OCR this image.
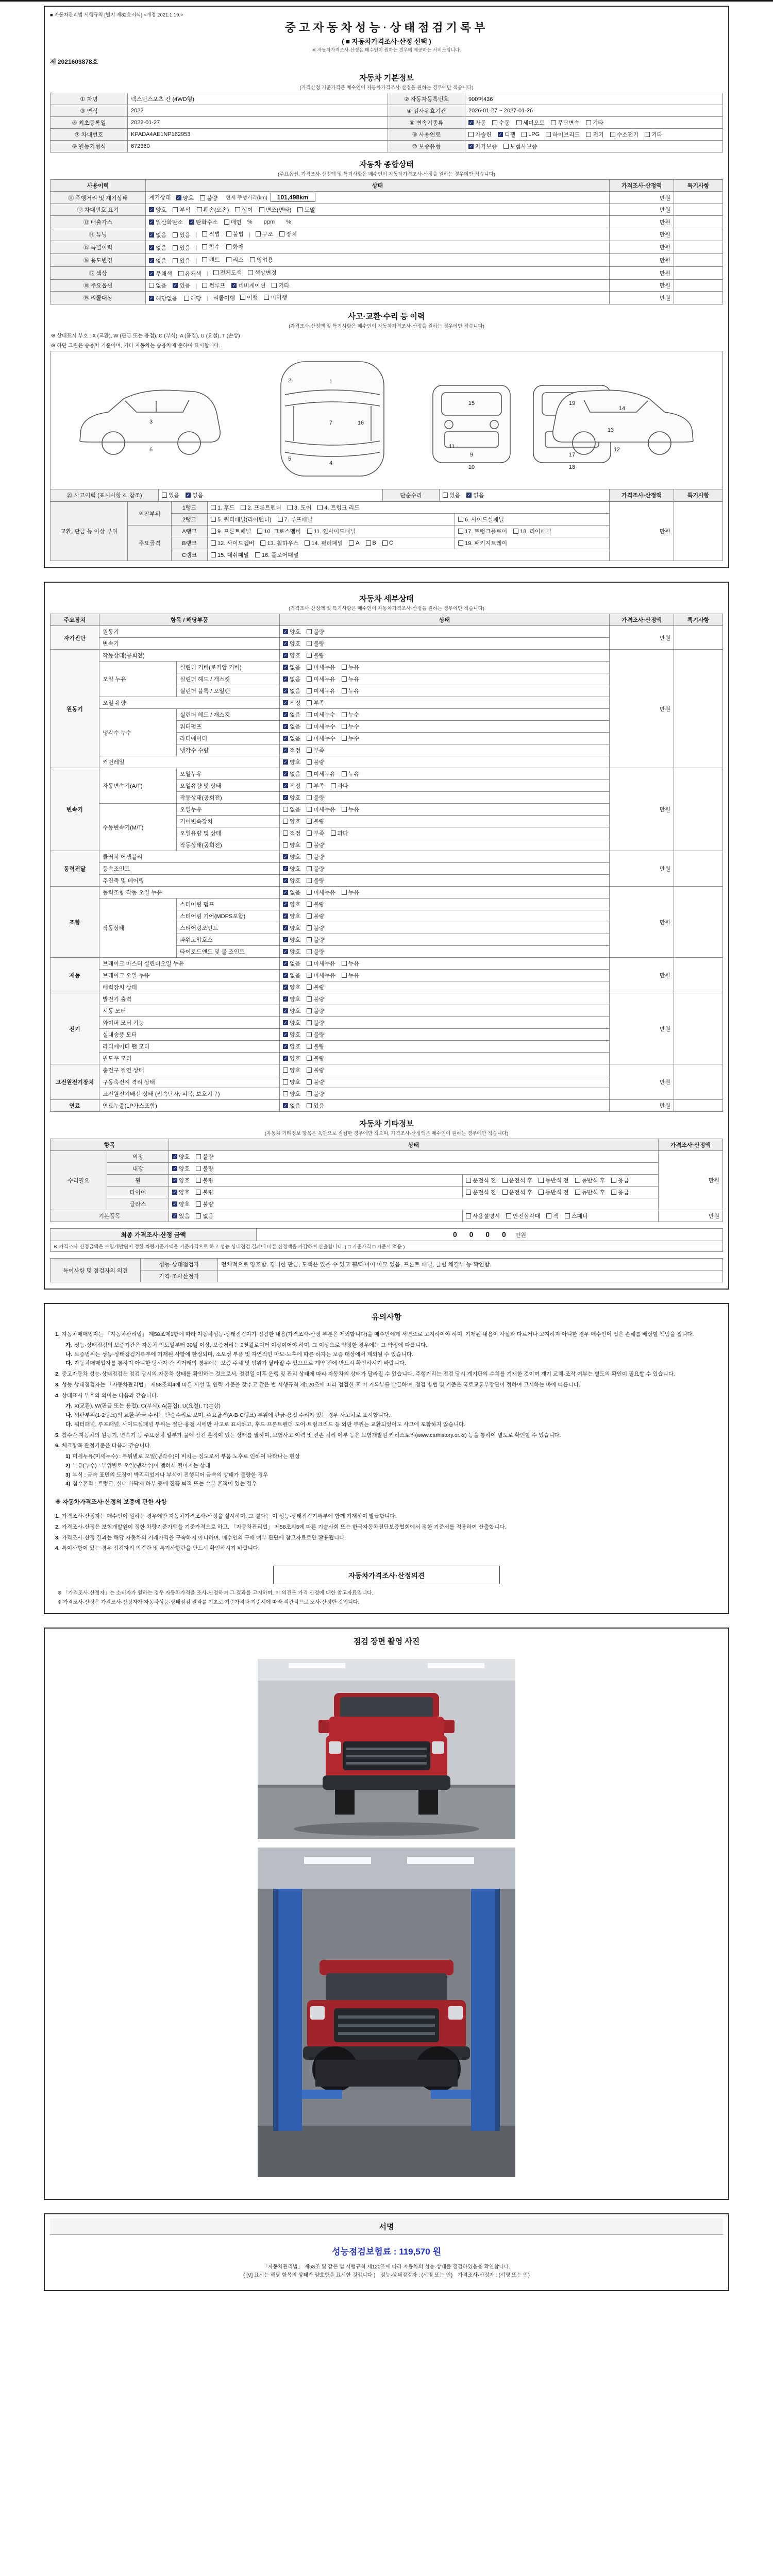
■ 자동차관리법 시행규칙 [별지 제82호서식] <개정 2021.1.19.>
중고자동차성능·상태점검기록부
( ■ 자동차가격조사·산정 선택 )
※ 자동차가격조사·산정은 매수인이 원하는 경우에 제공하는 서비스입니다.
제 2021603878호
자동차 기본정보
(가격산정 기준가격은 매수인이 자동차가격조사·산정을 원하는 경우에만 적습니다)
① 차명	렉스턴스포츠 칸 (4WD형)	② 자동차등록번호	900머436
③ 연식	2022	④ 검사유효기간	2026-01-27 ~ 2027-01-26
⑤ 최초등록일	2022-01-27	⑥ 변속기종류	✓ 자동 수동 세미오토 무단변속 기타

⑦ 차대번호	KPADA4AE1NP162953	⑧ 사용연료	가솔린 ✓ 디젤 LPG 하이브리드 전기 수소전기 기타

⑨ 원동기형식	672360	⑩ 보증유형	✓ 자가보증 보험사보증
자동차 종합상태
(주요옵션, 가격조사·산정액 및 특기사항은 매수인이 자동차가격조사·산정을 원하는 경우에만 적습니다)
사용이력	상태	가격조사·산정액	특기사항
⑪ 주행거리 및 계기상태	계기상태 ✓ 양호 불량 현재 주행거리(km) 101,498km	만원	
⑫ 차대번호 표기	✓ 양호 부식 훼손(오손) 상이 변조(변타) 도말	만원	
⑬ 배출가스	✓ 일산화탄소 ✓ 탄화수소 매연 　%　　ppm　　%	만원	
⑭ 튜닝	✓ 없음 있음 | 적법 불법 | 구조 장치	만원	
⑮ 특별이력	✓ 없음 있음 | 침수 화재	만원	
⑯ 용도변경	✓ 없음 있음 | 렌트 리스 영업용	만원	
⑰ 색상	✓ 무채색 유채색 | 전체도색 색상변경	만원	
⑱ 주요옵션	없음 ✓ 있음 | 썬루프 ✓ 네비게이션 기타	만원	
⑲ 리콜대상	✓ 해당없음 해당 | 리콜이행 이행 미이행	만원	
사고·교환·수리 등 이력
(가격조사·산정액 및 특기사항은 매수인이 자동차가격조사·산정을 원하는 경우에만 적습니다)
※ 상태표시 부호 : X (교환), W (판금 또는 용접), C (부식), A (흠집), U (요철), T (손상)
※ 하단 그림은 승용차 기준이며, 기타 자동차는 승용차에 준하여 표시합니다.
1
2
3
4
5
6
7
9
10
11	12
13
14
15
16
17
18
19
⑳ 사고이력 (표시사항 4. 참조)	있음 ✓ 없음	단순수리	있음 ✓ 없음	가격조사·산정액	특기사항
교환, 판금 등 이상 부위	외판부위	1랭크	1. 후드 2. 프론트펜더 3. 도어 4. 트렁크 리드		만원	
		2랭크	5. 쿼터패널(리어펜더) 7. 루프패널	6. 사이드실패널		

	주요골격	A랭크	9. 프론트패널 10. 크로스멤버 11. 인사이드패널	17. 트렁크플로어 18. 리어패널		

B랭크	12. 사이드멤버 13. 휠하우스 14. 필러패널 A B C	19. 패키지트레이

		C랭크	15. 대쉬패널 16. 플로어패널			
자동차 세부상태
(가격조사·산정액 및 특기사항은 매수인이 자동차가격조사·산정을 원하는 경우에만 적습니다)
주요장치	항목 / 해당부품		상태	가격조사·산정액	특기사항
자기진단	원동기		✓ 양호 불량	만원	
	변속기		✓ 양호 불량		

원동기	작동상태(공회전)		✓ 양호 불량	만원	
	오일 누유	실린더 커버(로커암 커버)	✓ 없음 미세누유 누유		

		실린더 헤드 / 개스킷	✓ 없음 미세누유 누유		

		실린더 블록 / 오일팬	✓ 없음 미세누유 누유		

	오일 유량		✓ 적정 부족		

	냉각수 누수	실린더 헤드 / 개스킷	✓ 없음 미세누수 누수		

		워터펌프	✓ 없음 미세누수 누수		

		라디에이터	✓ 없음 미세누수 누수		

		냉각수 수량	✓ 적정 부족		

	커먼레일		✓ 양호 불량		

변속기	자동변속기(A/T)	오일누유	✓ 없음 미세누유 누유	만원	
		오일유량 및 상태	✓ 적정 부족 과다		

		작동상태(공회전)	✓ 양호 불량		

	수동변속기(M/T)	오일누유	없음 미세누유 누유		

		기어변속장치	양호 불량		

		오일유량 및 상태	적정 부족 과다		

		작동상태(공회전)	양호 불량		

동력전달	클러치 어셈블리		✓ 양호 불량	만원	
	등속조인트		✓ 양호 불량		

	추진축 및 베어링		✓ 양호 불량		

조향	동력조향 작동 오일 누유		✓ 없음 미세누유 누유	만원	
	작동상태	스티어링 펌프	✓ 양호 불량		

		스티어링 기어(MDPS포함)	✓ 양호 불량		

		스티어링조인트	✓ 양호 불량		

		파워고압호스	✓ 양호 불량		

		타이로드엔드 및 볼 조인트	✓ 양호 불량		

제동	브레이크 마스터 실린더오일 누유		✓ 없음 미세누유 누유	만원	
	브레이크 오일 누유		✓ 없음 미세누유 누유		

	배력장치 상태		✓ 양호 불량		

전기	발전기 출력		✓ 양호 불량	만원	
	시동 모터		✓ 양호 불량		

	와이퍼 모터 기능		✓ 양호 불량		

	실내송풍 모터		✓ 양호 불량		

	라디에이터 팬 모터		✓ 양호 불량		

	윈도우 모터		✓ 양호 불량		

고전원전기장치	충전구 절연 상태		양호 불량	만원	
	구동축전지 격리 상태		양호 불량		

	고전원전기배선 상태 (접속단자, 피복, 보호기구)		양호 불량		

연료	연료누출(LP가스포함)		✓ 없음 있음	만원	
자동차 기타정보
(자동차 기타정보 항목은 육안으로 점검한 경우에만 적으며, 가격조사·산정액은 매수인이 원하는 경우에만 적습니다)
항목		상태		가격조사·산정액
수리필요	외장	✓ 양호 불량		만원
	내장	✓ 양호 불량		

	휠	✓ 양호 불량	운전석 전 운전석 후 동반석 전 동반석 후 응급	

	타이어	✓ 양호 불량	운전석 전 운전석 후 동반석 전 동반석 후 응급	

	글라스	✓ 양호 불량		

기본품목		✓ 있음 없음	사용설명서 안전삼각대 잭 스패너	만원
최종 가격조사·산정 금액	0 0 0 0 만원
※ 가격조사·산정금액은 보험개발원이 정한 차량기준가액을 기준가격으로 하고 성능·상태점검 결과에 따른 산정액을 가감하여 산출합니다. ( □ 기준가격 □ 기준서 적용 )
특이사항 및 점검자의 의견	성능·상태점검자	전체적으로 양호함. 경미한 판금, 도색은 있을 수 있고 휠/타이어 마모 있음. 프론트 패널, 클립 체결부 등 확인함.
	가격·조사산정자	
유의사항
1. 자동차매매업자는 「자동차관리법」 제58조제1항에 따라 자동차성능·상태점검자가 점검한 내용(가격조사·산정 부분은 제외합니다)을 매수인에게 서면으로 고지하여야 하며, 기재된 내용이 사실과 다르거나 고지하지 아니한 경우 매수인이 입은 손해를 배상할 책임을 집니다.
가. 성능·상태점검의 보증기간은 자동차 인도일부터 30일 이상, 보증거리는 2천킬로미터 이상이어야 하며, 그 이상으로 약정한 경우에는 그 약정에 따릅니다.
나. 보증범위는 성능·상태점검기록부에 기재된 사항에 한정되며, 소모성 부품 및 자연적인 마모·노후에 따른 하자는 보증 대상에서 제외될 수 있습니다.
다. 자동차매매업자를 통하지 아니한 당사자 간 직거래의 경우에는 보증 주체 및 범위가 달라질 수 있으므로 계약 전에 반드시 확인하시기 바랍니다.
2. 중고자동차 성능·상태점검은 점검 당시의 자동차 상태를 확인하는 것으로서, 점검일 이후 운행 및 관리 상태에 따라 자동차의 상태가 달라질 수 있습니다. 주행거리는 점검 당시 계기판의 수치를 기재한 것이며 계기 교체·조작 여부는 별도의 확인이 필요할 수 있습니다.
3. 성능·상태점검자는 「자동차관리법」 제58조의4에 따른 시설 및 인력 기준을 갖추고 같은 법 시행규칙 제120조에 따라 점검한 후 이 기록부를 발급하며, 점검 방법 및 기준은 국토교통부장관이 정하여 고시하는 바에 따릅니다.
4. 상태표시 부호의 의미는 다음과 같습니다.
가. X(교환), W(판금 또는 용접), C(부식), A(흠집), U(요철), T(손상)
나. 외판부위(1·2랭크)의 교환·판금 수리는 단순수리로 보며, 주요골격(A·B·C랭크) 부위에 판금·용접 수리가 있는 경우 사고차로 표시합니다.
다. 쿼터패널, 루프패널, 사이드실패널 부위는 절단·용접 시에만 사고로 표시하고, 후드·프론트펜더·도어·트렁크리드 등 외판 부위는 교환되었어도 사고에 포함하지 않습니다.
5. 침수란 자동차의 원동기, 변속기 등 주요장치 일부가 물에 잠긴 흔적이 있는 상태를 말하며, 보험사고 이력 및 전손 처리 여부 등은 보험개발원 카히스토리(www.carhistory.or.kr) 등을 통하여 별도로 확인할 수 있습니다.
6. 체크항목 판정기준은 다음과 같습니다.
1) 미세누유(미세누수) : 부위별로 오일(냉각수)이 비치는 정도로서 부품 노후로 인하여 나타나는 현상
2) 누유(누수) : 부위별로 오일(냉각수)이 맺혀서 떨어지는 상태
3) 부식 : 금속 표면의 도장이 박리되었거나 부식이 진행되어 금속의 상태가 불량한 경우
4) 침수흔적 : 트렁크, 실내 바닥재 하부 등에 진흙 퇴적 또는 수분 흔적이 있는 경우
※ 자동차가격조사·산정의 보증에 관한 사항
1. 가격조사·산정자는 매수인이 원하는 경우에만 자동차가격조사·산정을 실시하며, 그 결과는 이 성능·상태점검기록부에 함께 기재하여 발급합니다.
2. 가격조사·산정은 보험개발원이 정한 차량기준가액을 기준가격으로 하고, 「자동차관리법」 제58조의5에 따른 기술사회 또는 한국자동차진단보증협회에서 정한 기준서를 적용하여 산출합니다.
3. 가격조사·산정 결과는 해당 자동차의 거래가격을 구속하지 아니하며, 매수인의 구매 여부 판단에 참고자료로만 활용됩니다.
4. 특이사항이 있는 경우 점검자의 의견란 및 특기사항란을 반드시 확인하시기 바랍니다.
자동차가격조사·산정의견
※ 「가격조사·산정자」는 소비자가 원하는 경우 자동차가격을 조사·산정하여 그 결과를 고지하며, 이 의견은 가격 산정에 대한 참고자료입니다.
※ 가격조사·산정은 가격조사·산정자가 자동차성능·상태점검 결과를 기초로 기준가격과 기준서에 따라 객관적으로 조사·산정한 것입니다.
점검 장면 촬영 사진
서명
성능점검보험료 : 119,570 원
「자동차관리법」 제58조 및 같은 법 시행규칙 제120조에 따라 자동차의 성능·상태를 점검하였음을 확인합니다.
( [V] 표시는 해당 항목의 상태가 양호함을 표시한 것입니다 )　성능·상태점검자 : (서명 또는 인)　가격조사·산정자 : (서명 또는 인)
